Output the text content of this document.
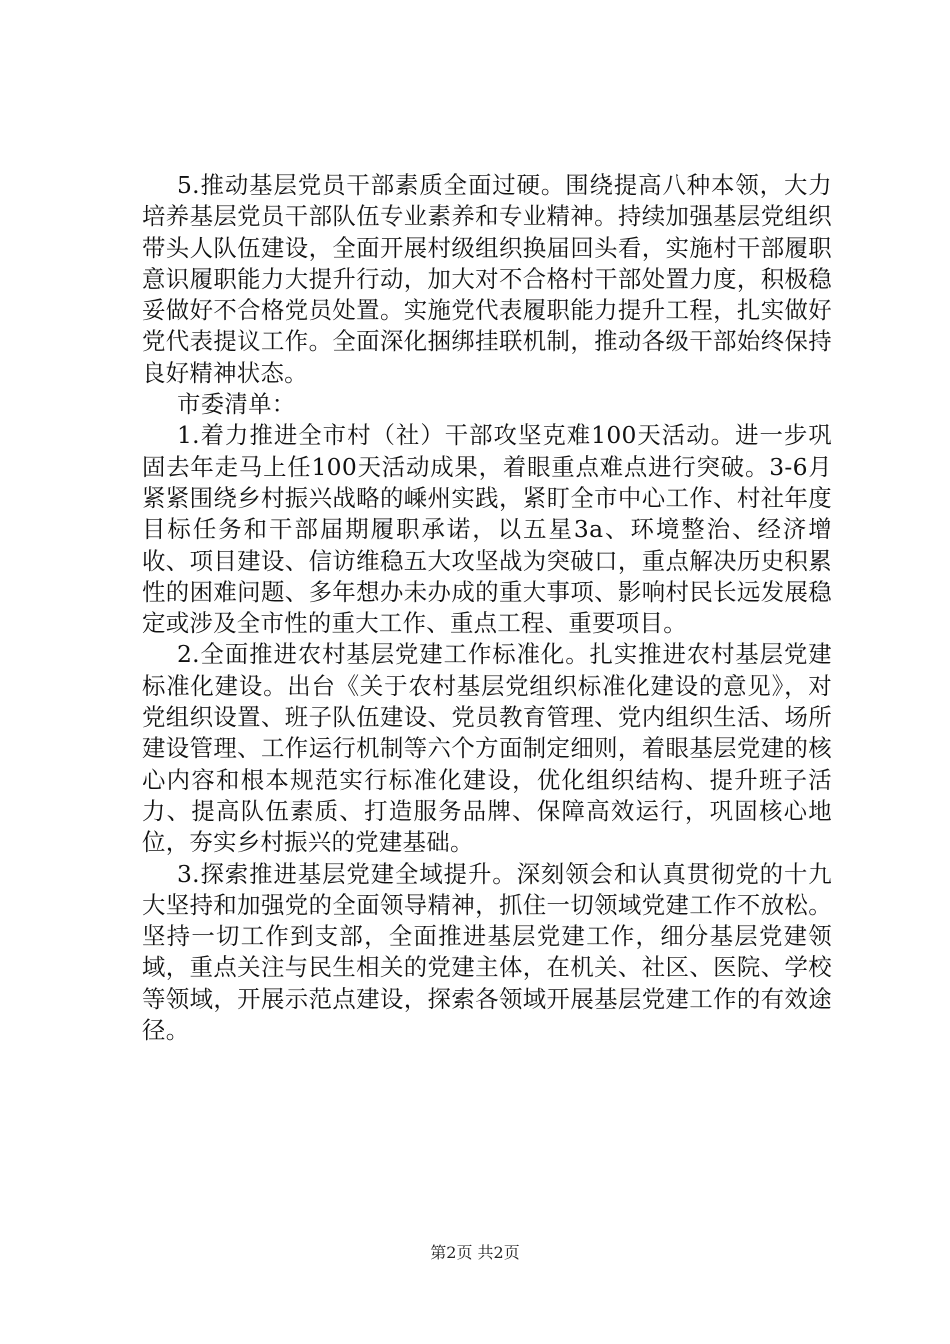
5.推动基层党员干部素质全面过硬。围绕提高八种本领，大力培养基层党员干部队伍专业素养和专业精神。持续加强基层党组织带头人队伍建设，全面开展村级组织换届回头看，实施村干部履职意识履职能力大提升行动，加大对不合格村干部处置力度，积极稳妥做好不合格党员处置。实施党代表履职能力提升工程，扎实做好党代表提议工作。全面深化捆绑挂联机制，推动各级干部始终保持良好精神状态。

市委清单：

1.着力推进全市村（社）干部攻坚克难100天活动。进一步巩固去年走马上任100天活动成果，着眼重点难点进行突破。3-6月紧紧围绕乡村振兴战略的嵊州实践，紧盯全市中心工作、村社年度目标任务和干部届期履职承诺，以五星3a、环境整治、经济增收、项目建设、信访维稳五大攻坚战为突破口，重点解决历史积累性的困难问题、多年想办未办成的重大事项、影响村民长远发展稳定或涉及全市性的重大工作、重点工程、重要项目。

2.全面推进农村基层党建工作标准化。扎实推进农村基层党建标准化建设。出台《关于农村基层党组织标准化建设的意见》，对党组织设置、班子队伍建设、党员教育管理、党内组织生活、场所建设管理、工作运行机制等六个方面制定细则，着眼基层党建的核心内容和根本规范实行标准化建设，优化组织结构、提升班子活力、提高队伍素质、打造服务品牌、保障高效运行，巩固核心地位，夯实乡村振兴的党建基础。

3.探索推进基层党建全域提升。深刻领会和认真贯彻党的十九大坚持和加强党的全面领导精神，抓住一切领域党建工作不放松。坚持一切工作到支部，全面推进基层党建工作，细分基层党建领域，重点关注与民生相关的党建主体，在机关、社区、医院、学校等领域，开展示范点建设，探索各领域开展基层党建工作的有效途径。

第2页 共2页
